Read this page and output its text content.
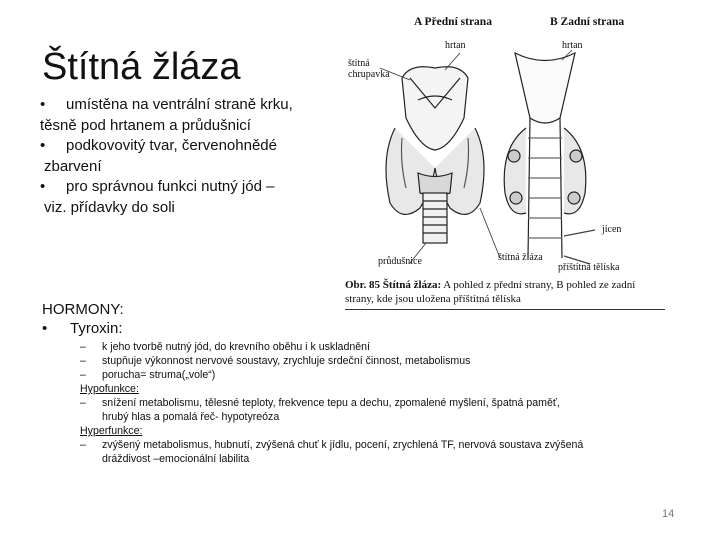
Štítná žláza

• umístěna na ventrální straně krku,

těsně pod hrtanem a průdušnicí

• podkovovitý tvar, červenohnědé

zbarvení

• pro správnou funkci nutný jód –

viz. přídavky do soli

A Přední strana	B Zadní strana
hrtan	hrtan
štítná
chrupavka
jícen
průdušnice	štítná žláza
příštítná tělíska
Obr. 85 Štítná žláza: A pohled z přední strany, B pohled ze zadní strany, kde jsou uložena příštítná tělíska
HORMONY:
•	Tyroxin:
–	k jeho tvorbě nutný jód, do krevního oběhu i k uskladnění
–	stupňuje výkonnost nervové soustavy, zrychluje srdeční činnost, metabolismus
–	porucha= struma(„vole“)
Hypofunkce:
–	snížení metabolismu, tělesné teploty, frekvence tepu a dechu, zpomalené myšlení, špatná paměť,
hrubý hlas a pomalá řeč- hypotyreóza
Hyperfunkce:
–	zvýšený metabolismus, hubnutí, zvýšená chuť k jídlu, pocení, zrychlená TF, nervová soustava zvýšená
dráždivost –emocionální labilita
14
